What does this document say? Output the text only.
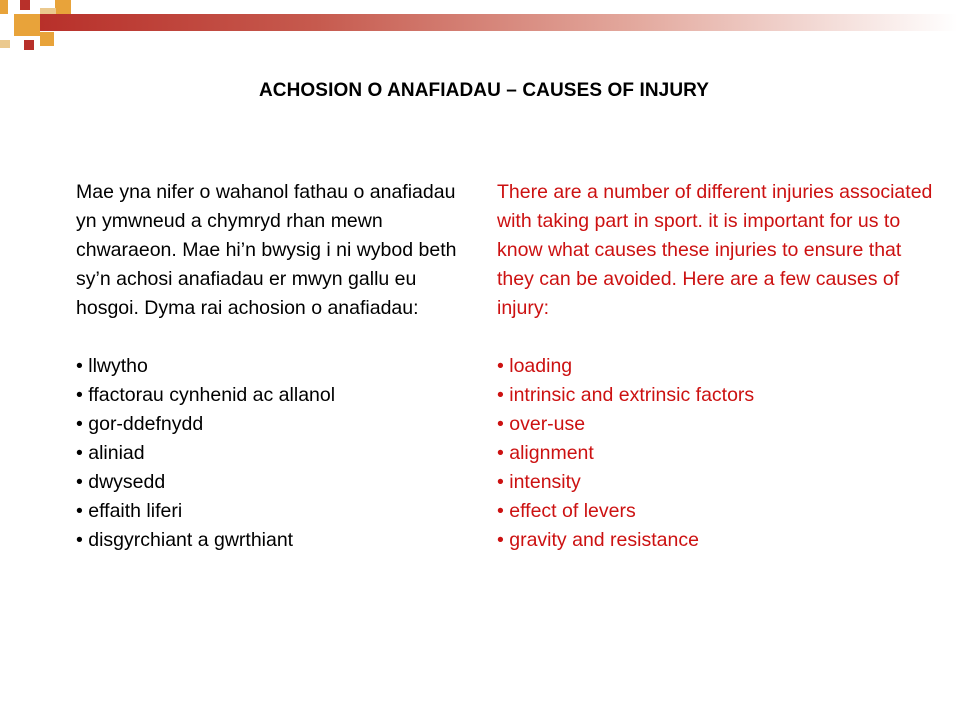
ACHOSION O ANAFIADAU – CAUSES OF INJURY

Mae yna nifer o wahanol fathau o anafiadau yn ymwneud a chymryd rhan mewn chwaraeon. Mae hi’n bwysig i ni wybod beth sy’n achosi anafiadau er mwyn gallu eu hosgoi. Dyma rai achosion o anafiadau:

• llwytho
• ffactorau cynhenid ac allanol
• gor-ddefnydd
• aliniad
• dwysedd
• effaith liferi
• disgyrchiant a gwrthiant

There are a number of different injuries associated with taking part in sport. it is important for us to know what causes these injuries to ensure that they can be avoided. Here are a few causes of injury:

• loading
• intrinsic and extrinsic factors
• over-use
• alignment
• intensity
• effect of levers
• gravity and resistance
